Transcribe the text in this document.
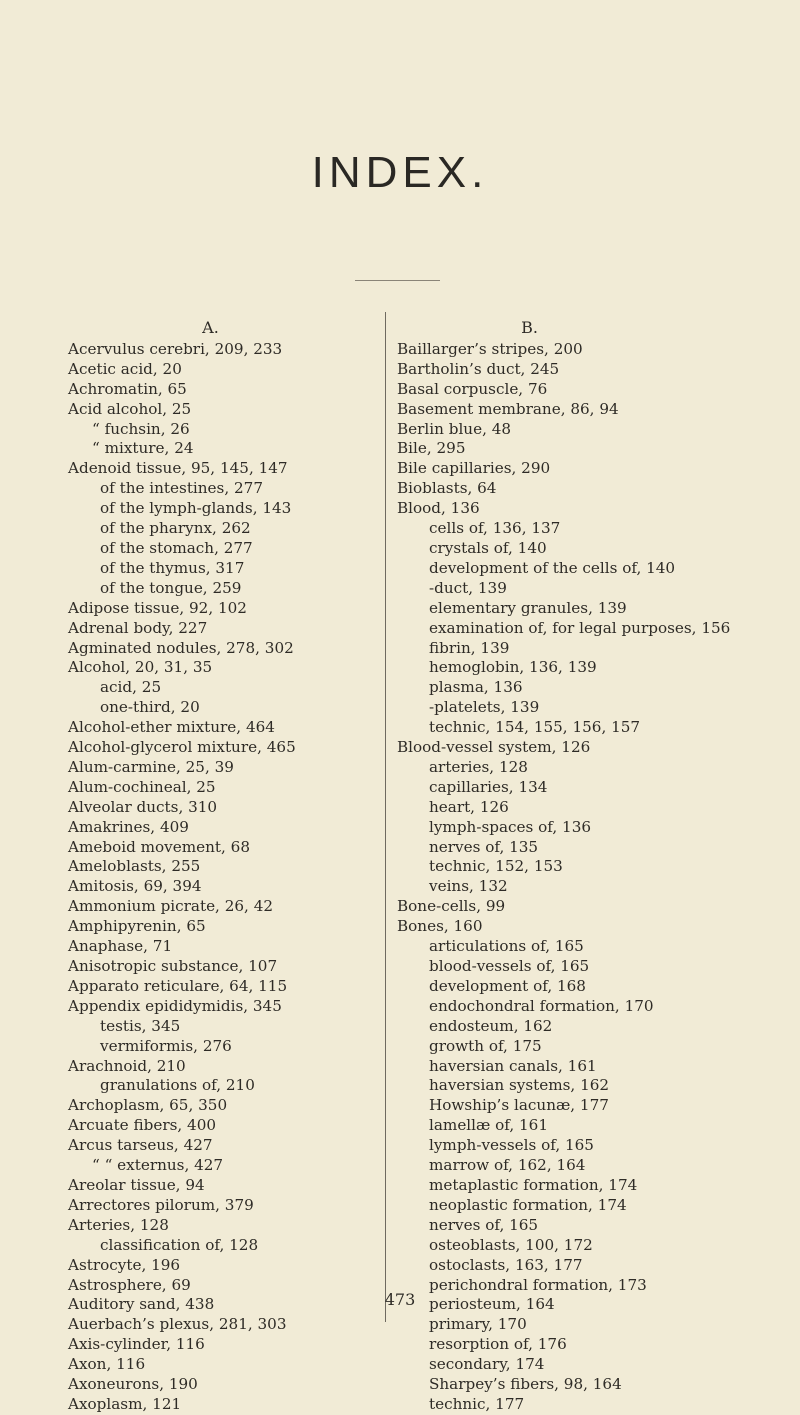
INDEX.
A.
Acervulus cerebri, 209, 233
Acetic acid, 20
Achromatin, 65
Acid alcohol, 25
“ fuchsin, 26
“ mixture, 24
Adenoid tissue, 95, 145, 147
of the intestines, 277
of the lymph-glands, 143
of the pharynx, 262
of the stomach, 277
of the thymus, 317
of the tongue, 259
Adipose tissue, 92, 102
Adrenal body, 227
Agminated nodules, 278, 302
Alcohol, 20, 31, 35
acid, 25
one-third, 20
Alcohol-ether mixture, 464
Alcohol-glycerol mixture, 465
Alum-carmine, 25, 39
Alum-cochineal, 25
Alveolar ducts, 310
Amakrines, 409
Ameboid movement, 68
Ameloblasts, 255
Amitosis, 69, 394
Ammonium picrate, 26, 42
Amphipyrenin, 65
Anaphase, 71
Anisotropic substance, 107
Apparato reticulare, 64, 115
Appendix epididymidis, 345
testis, 345
vermiformis, 276
Arachnoid, 210
granulations of, 210
Archoplasm, 65, 350
Arcuate fibers, 400
Arcus tarseus, 427
“ “ externus, 427
Areolar tissue, 94
Arrectores pilorum, 379
Arteries, 128
classification of, 128
Astrocyte, 196
Astrosphere, 69
Auditory sand, 438
Auerbach’s plexus, 281, 303
Axis-cylinder, 116
Axon, 116
Axoneurons, 190
Axoplasm, 121
B.
Baillarger’s stripes, 200
Bartholin’s duct, 245
Basal corpuscle, 76
Basement membrane, 86, 94
Berlin blue, 48
Bile, 295
Bile capillaries, 290
Bioblasts, 64
Blood, 136
cells of, 136, 137
crystals of, 140
development of the cells of, 140
-duct, 139
elementary granules, 139
examination of, for legal purposes, 156
fibrin, 139
hemoglobin, 136, 139
plasma, 136
-platelets, 139
technic, 154, 155, 156, 157
Blood-vessel system, 126
arteries, 128
capillaries, 134
heart, 126
lymph-spaces of, 136
nerves of, 135
technic, 152, 153
veins, 132
Bone-cells, 99
Bones, 160
articulations of, 165
blood-vessels of, 165
development of, 168
endochondral formation, 170
endosteum, 162
growth of, 175
haversian canals, 161
haversian systems, 162
Howship’s lacunæ, 177
lamellæ of, 161
lymph-vessels of, 165
marrow of, 162, 164
metaplastic formation, 174
neoplastic formation, 174
nerves of, 165
osteoblasts, 100, 172
ostoclasts, 163, 177
perichondral formation, 173
periosteum, 164
primary, 170
resorption of, 176
secondary, 174
Sharpey’s fibers, 98, 164
technic, 177
473
